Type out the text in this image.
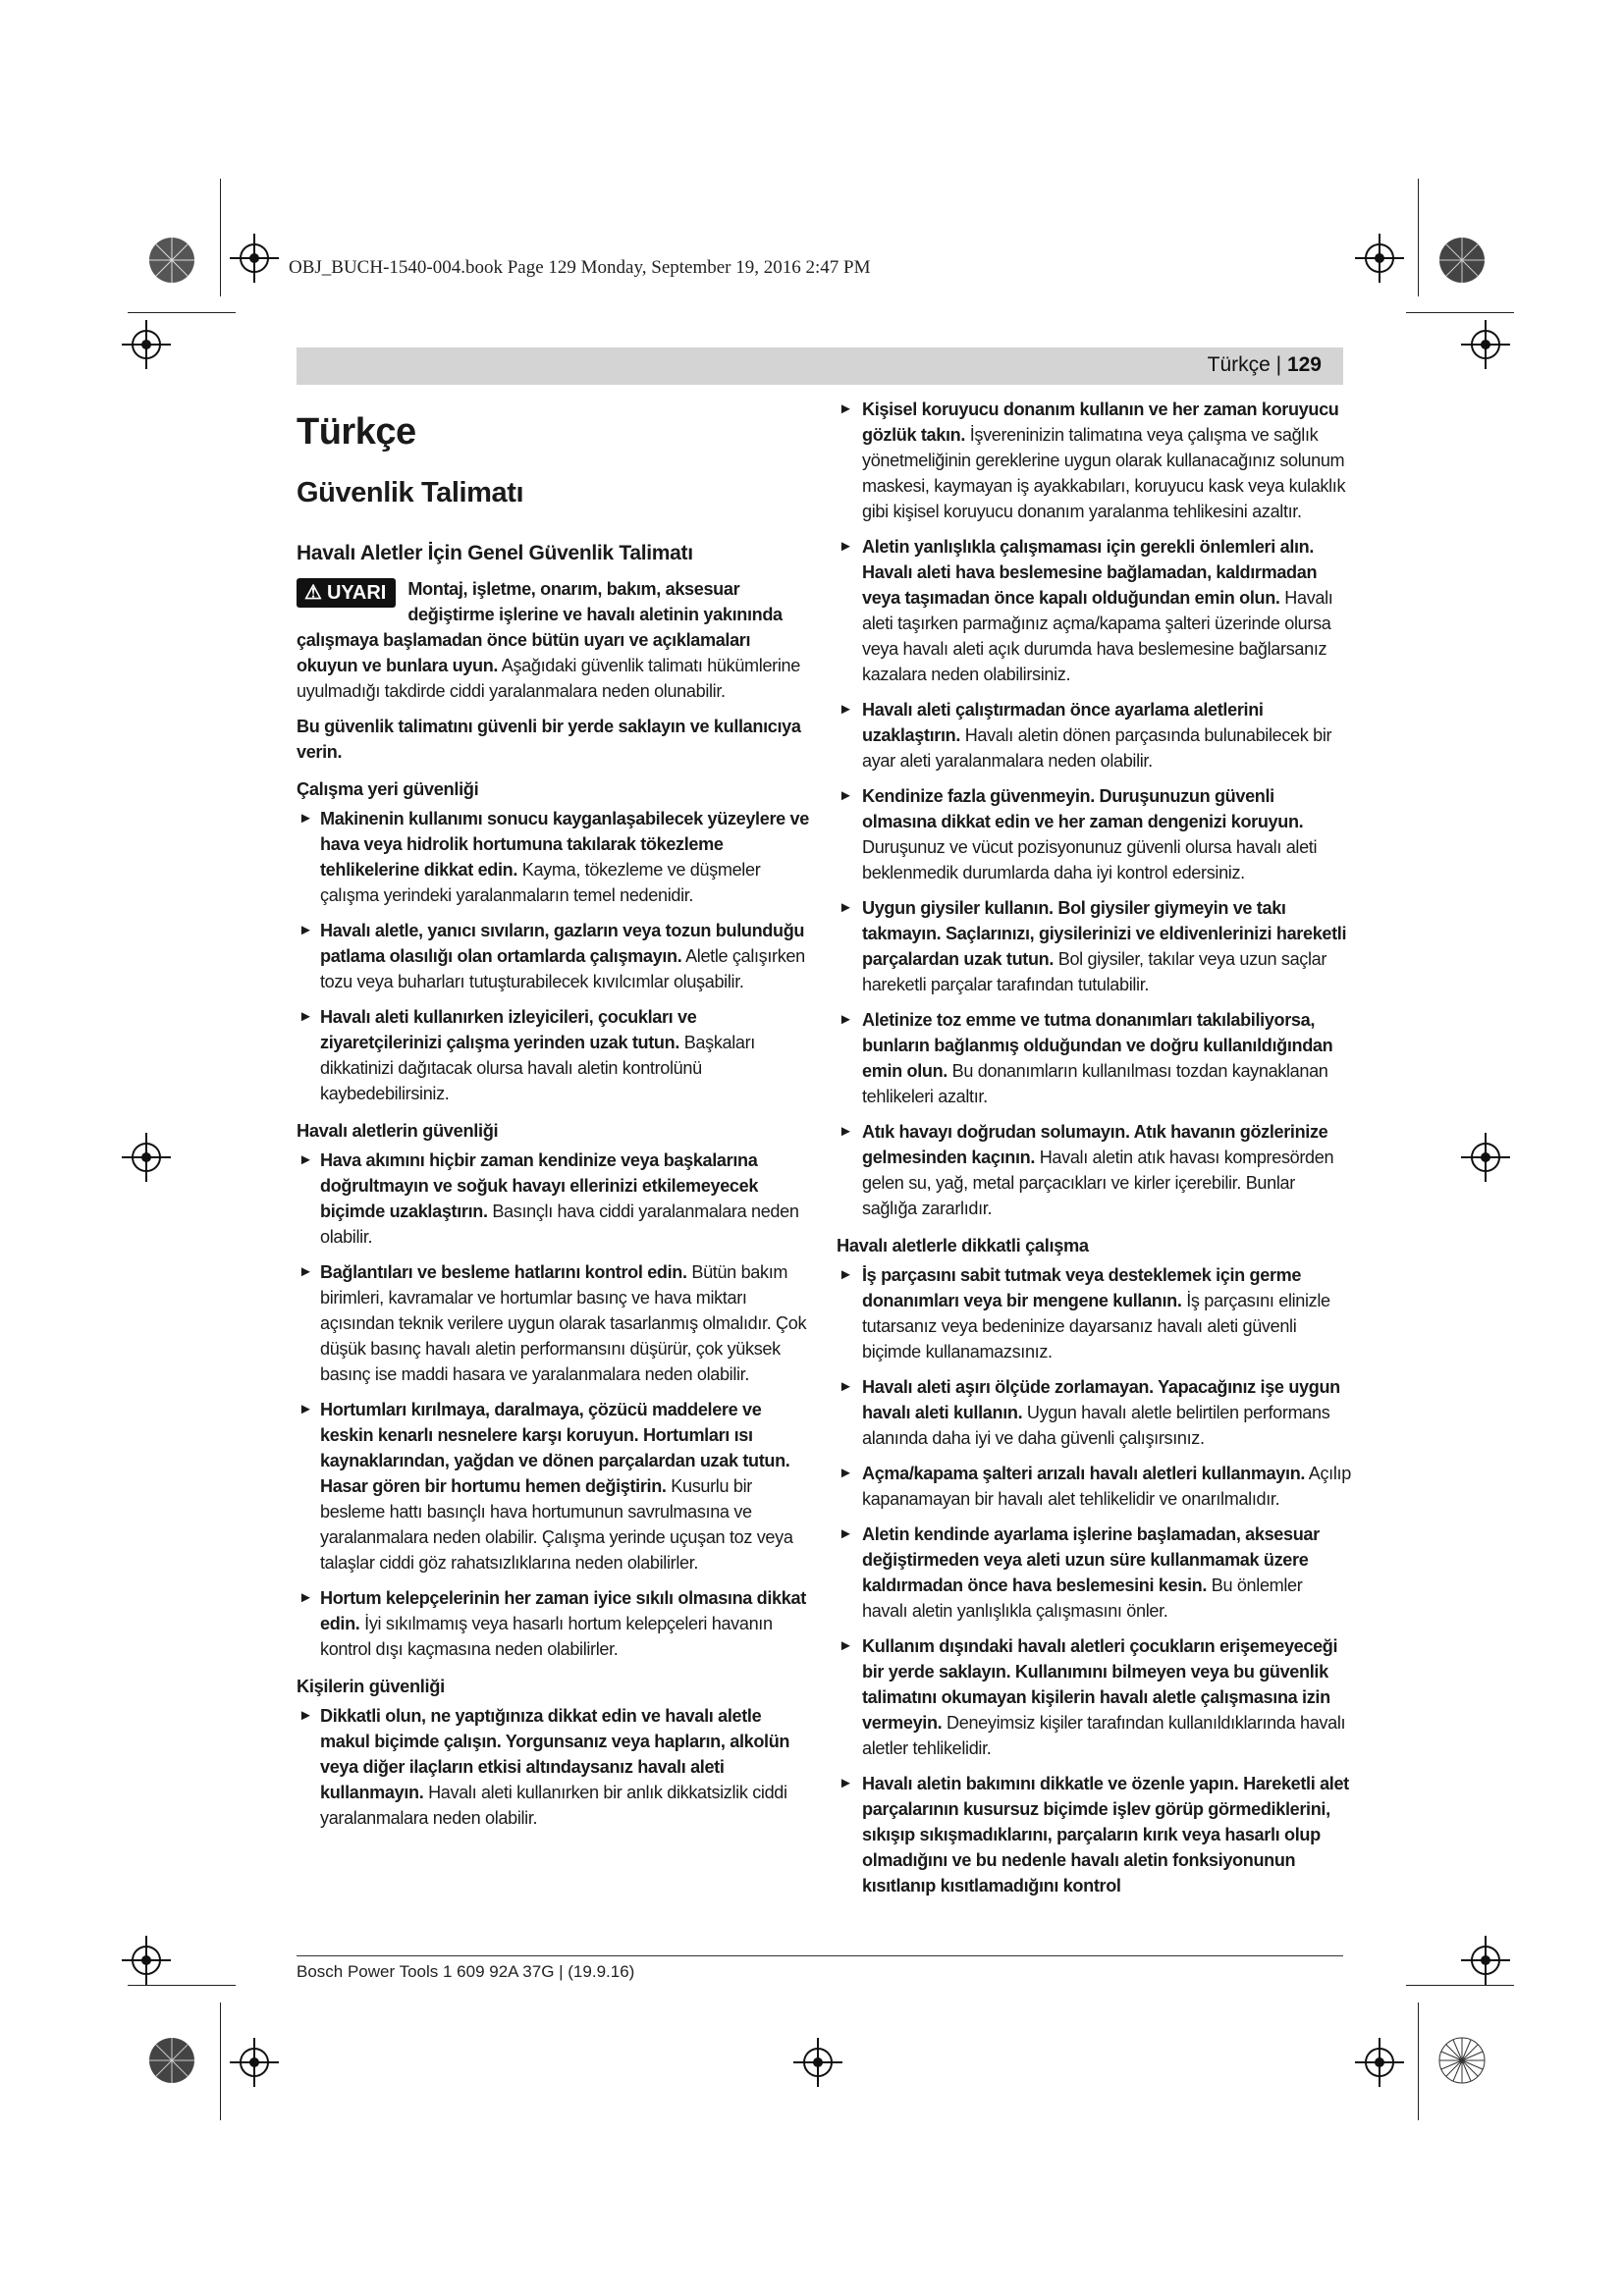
OBJ_BUCH-1540-004.book Page 129 Monday, September 19, 2016 2:47 PM
Türkçe | 129
Türkçe
Güvenlik Talimatı
Havalı Aletler İçin Genel Güvenlik Talimatı

⚠ UYARI	Montaj, işletme, onarım, bakım, aksesuar değiştirme işlerine ve havalı aletinin yakınında çalışmaya başlamadan önce bütün uyarı ve açıklamaları okuyun ve bunlara uyun. Aşağıdaki güvenlik talimatı hükümlerine uyulmadığı takdirde ciddi yaralanmalara neden olunabilir.

Bu güvenlik talimatını güvenli bir yerde saklayın ve kullanıcıya verin.

Çalışma yeri güvenliği
► Makinenin kullanımı sonucu kayganlaşabilecek yüzeylere ve hava veya hidrolik hortumuna takılarak tökezleme tehlikelerine dikkat edin. Kayma, tökezleme ve düşmeler çalışma yerindeki yaralanmaların temel nedenidir.
► Havalı aletle, yanıcı sıvıların, gazların veya tozun bulunduğu patlama olasılığı olan ortamlarda çalışmayın. Aletle çalışırken tozu veya buharları tutuşturabilecek kıvılcımlar oluşabilir.
► Havalı aleti kullanırken izleyicileri, çocukları ve ziyaretçilerinizi çalışma yerinden uzak tutun. Başkaları dikkatinizi dağıtacak olursa havalı aletin kontrolünü kaybedebilirsiniz.
Havalı aletlerin güvenliği
► Hava akımını hiçbir zaman kendinize veya başkalarına doğrultmayın ve soğuk havayı ellerinizi etkilemeyecek biçimde uzaklaştırın. Basınçlı hava ciddi yaralanmalara neden olabilir.
► Bağlantıları ve besleme hatlarını kontrol edin. Bütün bakım birimleri, kavramalar ve hortumlar basınç ve hava miktarı açısından teknik verilere uygun olarak tasarlanmış olmalıdır. Çok düşük basınç havalı aletin performansını düşürür, çok yüksek basınç ise maddi hasara ve yaralanmalara neden olabilir.
► Hortumları kırılmaya, daralmaya, çözücü maddelere ve keskin kenarlı nesnelere karşı koruyun. Hortumları ısı kaynaklarından, yağdan ve dönen parçalardan uzak tutun. Hasar gören bir hortumu hemen değiştirin. Kusurlu bir besleme hattı basınçlı hava hortumunun savrulmasına ve yaralanmalara neden olabilir. Çalışma yerinde uçuşan toz veya talaşlar ciddi göz rahatsızlıklarına neden olabilirler.
► Hortum kelepçelerinin her zaman iyice sıkılı olmasına dikkat edin. İyi sıkılmamış veya hasarlı hortum kelepçeleri havanın kontrol dışı kaçmasına neden olabilirler.
Kişilerin güvenliği
► Dikkatli olun, ne yaptığınıza dikkat edin ve havalı aletle makul biçimde çalışın. Yorgunsanız veya hapların, alkolün veya diğer ilaçların etkisi altındaysanız havalı aleti kullanmayın. Havalı aleti kullanırken bir anlık dikkatsizlik ciddi yaralanmalara neden olabilir.
► Kişisel koruyucu donanım kullanın ve her zaman koruyucu gözlük takın. İşvereninizin talimatına veya çalışma ve sağlık yönetmeliğinin gereklerine uygun olarak kullanacağınız solunum maskesi, kaymayan iş ayakkabıları, koruyucu kask veya kulaklık gibi kişisel koruyucu donanım yaralanma tehlikesini azaltır.
► Aletin yanlışlıkla çalışmaması için gerekli önlemleri alın. Havalı aleti hava beslemesine bağlamadan, kaldırmadan veya taşımadan önce kapalı olduğundan emin olun. Havalı aleti taşırken parmağınız açma/kapama şalteri üzerinde olursa veya havalı aleti açık durumda hava beslemesine bağlarsanız kazalara neden olabilirsiniz.
► Havalı aleti çalıştırmadan önce ayarlama aletlerini uzaklaştırın. Havalı aletin dönen parçasında bulunabilecek bir ayar aleti yaralanmalara neden olabilir.
► Kendinize fazla güvenmeyin. Duruşunuzun güvenli olmasına dikkat edin ve her zaman dengenizi koruyun. Duruşunuz ve vücut pozisyonunuz güvenli olursa havalı aleti beklenmedik durumlarda daha iyi kontrol edersiniz.
► Uygun giysiler kullanın. Bol giysiler giymeyin ve takı takmayın. Saçlarınızı, giysilerinizi ve eldivenlerinizi hareketli parçalardan uzak tutun. Bol giysiler, takılar veya uzun saçlar hareketli parçalar tarafından tutulabilir.
► Aletinize toz emme ve tutma donanımları takılabiliyorsa, bunların bağlanmış olduğundan ve doğru kullanıldığından emin olun. Bu donanımların kullanılması tozdan kaynaklanan tehlikeleri azaltır.
► Atık havayı doğrudan solumayın. Atık havanın gözlerinize gelmesinden kaçının. Havalı aletin atık havası kompresörden gelen su, yağ, metal parçacıkları ve kirler içerebilir. Bunlar sağlığa zararlıdır.
Havalı aletlerle dikkatli çalışma
► İş parçasını sabit tutmak veya desteklemek için germe donanımları veya bir mengene kullanın. İş parçasını elinizle tutarsanız veya bedeninize dayarsanız havalı aleti güvenli biçimde kullanamazsınız.
► Havalı aleti aşırı ölçüde zorlamayan. Yapacağınız işe uygun havalı aleti kullanın. Uygun havalı aletle belirtilen performans alanında daha iyi ve daha güvenli çalışırsınız.
► Açma/kapama şalteri arızalı havalı aletleri kullanmayın. Açılıp kapanamayan bir havalı alet tehlikelidir ve onarılmalıdır.
► Aletin kendinde ayarlama işlerine başlamadan, aksesuar değiştirmeden veya aleti uzun süre kullanmamak üzere kaldırmadan önce hava beslemesini kesin. Bu önlemler havalı aletin yanlışlıkla çalışmasını önler.
► Kullanım dışındaki havalı aletleri çocukların erişemeyeceği bir yerde saklayın. Kullanımını bilmeyen veya bu güvenlik talimatını okumayan kişilerin havalı aletle çalışmasına izin vermeyin. Deneyimsiz kişiler tarafından kullanıldıklarında havalı aletler tehlikelidir.
► Havalı aletin bakımını dikkatle ve özenle yapın. Hareketli alet parçalarının kusursuz biçimde işlev görüp görmediklerini, sıkışıp sıkışmadıklarını, parçaların kırık veya hasarlı olup olmadığını ve bu nedenle havalı aletin fonksiyonunun kısıtlanıp kısıtlamadığını kontrol
Bosch Power Tools 1 609 92A 37G | (19.9.16)
